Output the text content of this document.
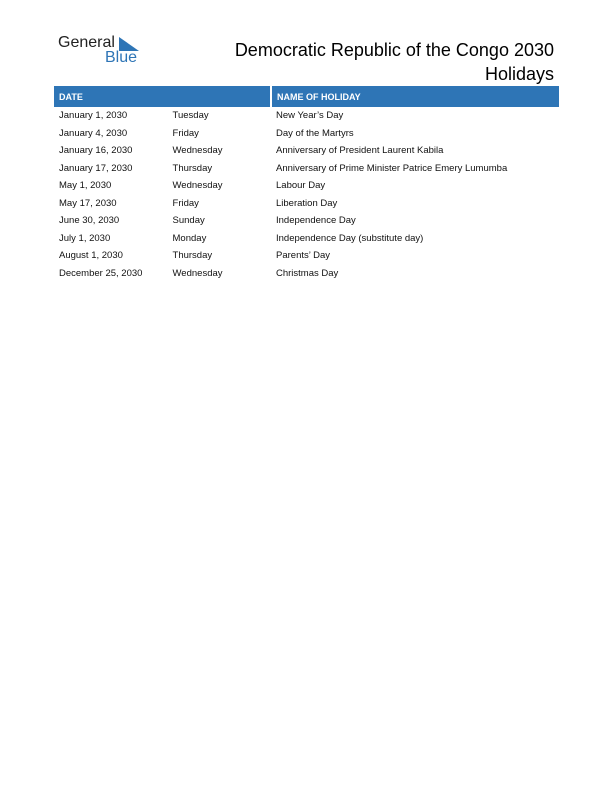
General
Blue	Democratic Republic of the Congo 2030
Holidays
DATE		NAME OF HOLIDAY
January 1, 2030	Tuesday	New Year’s Day
January 4, 2030	Friday	Day of the Martyrs
January 16, 2030	Wednesday	Anniversary of President Laurent Kabila
January 17, 2030	Thursday	Anniversary of Prime Minister Patrice Emery Lumumba
May 1, 2030	Wednesday	Labour Day
May 17, 2030	Friday	Liberation Day
June 30, 2030	Sunday	Independence Day
July 1, 2030	Monday	Independence Day (substitute day)
August 1, 2030	Thursday	Parents’ Day
December 25, 2030	Wednesday	Christmas Day
